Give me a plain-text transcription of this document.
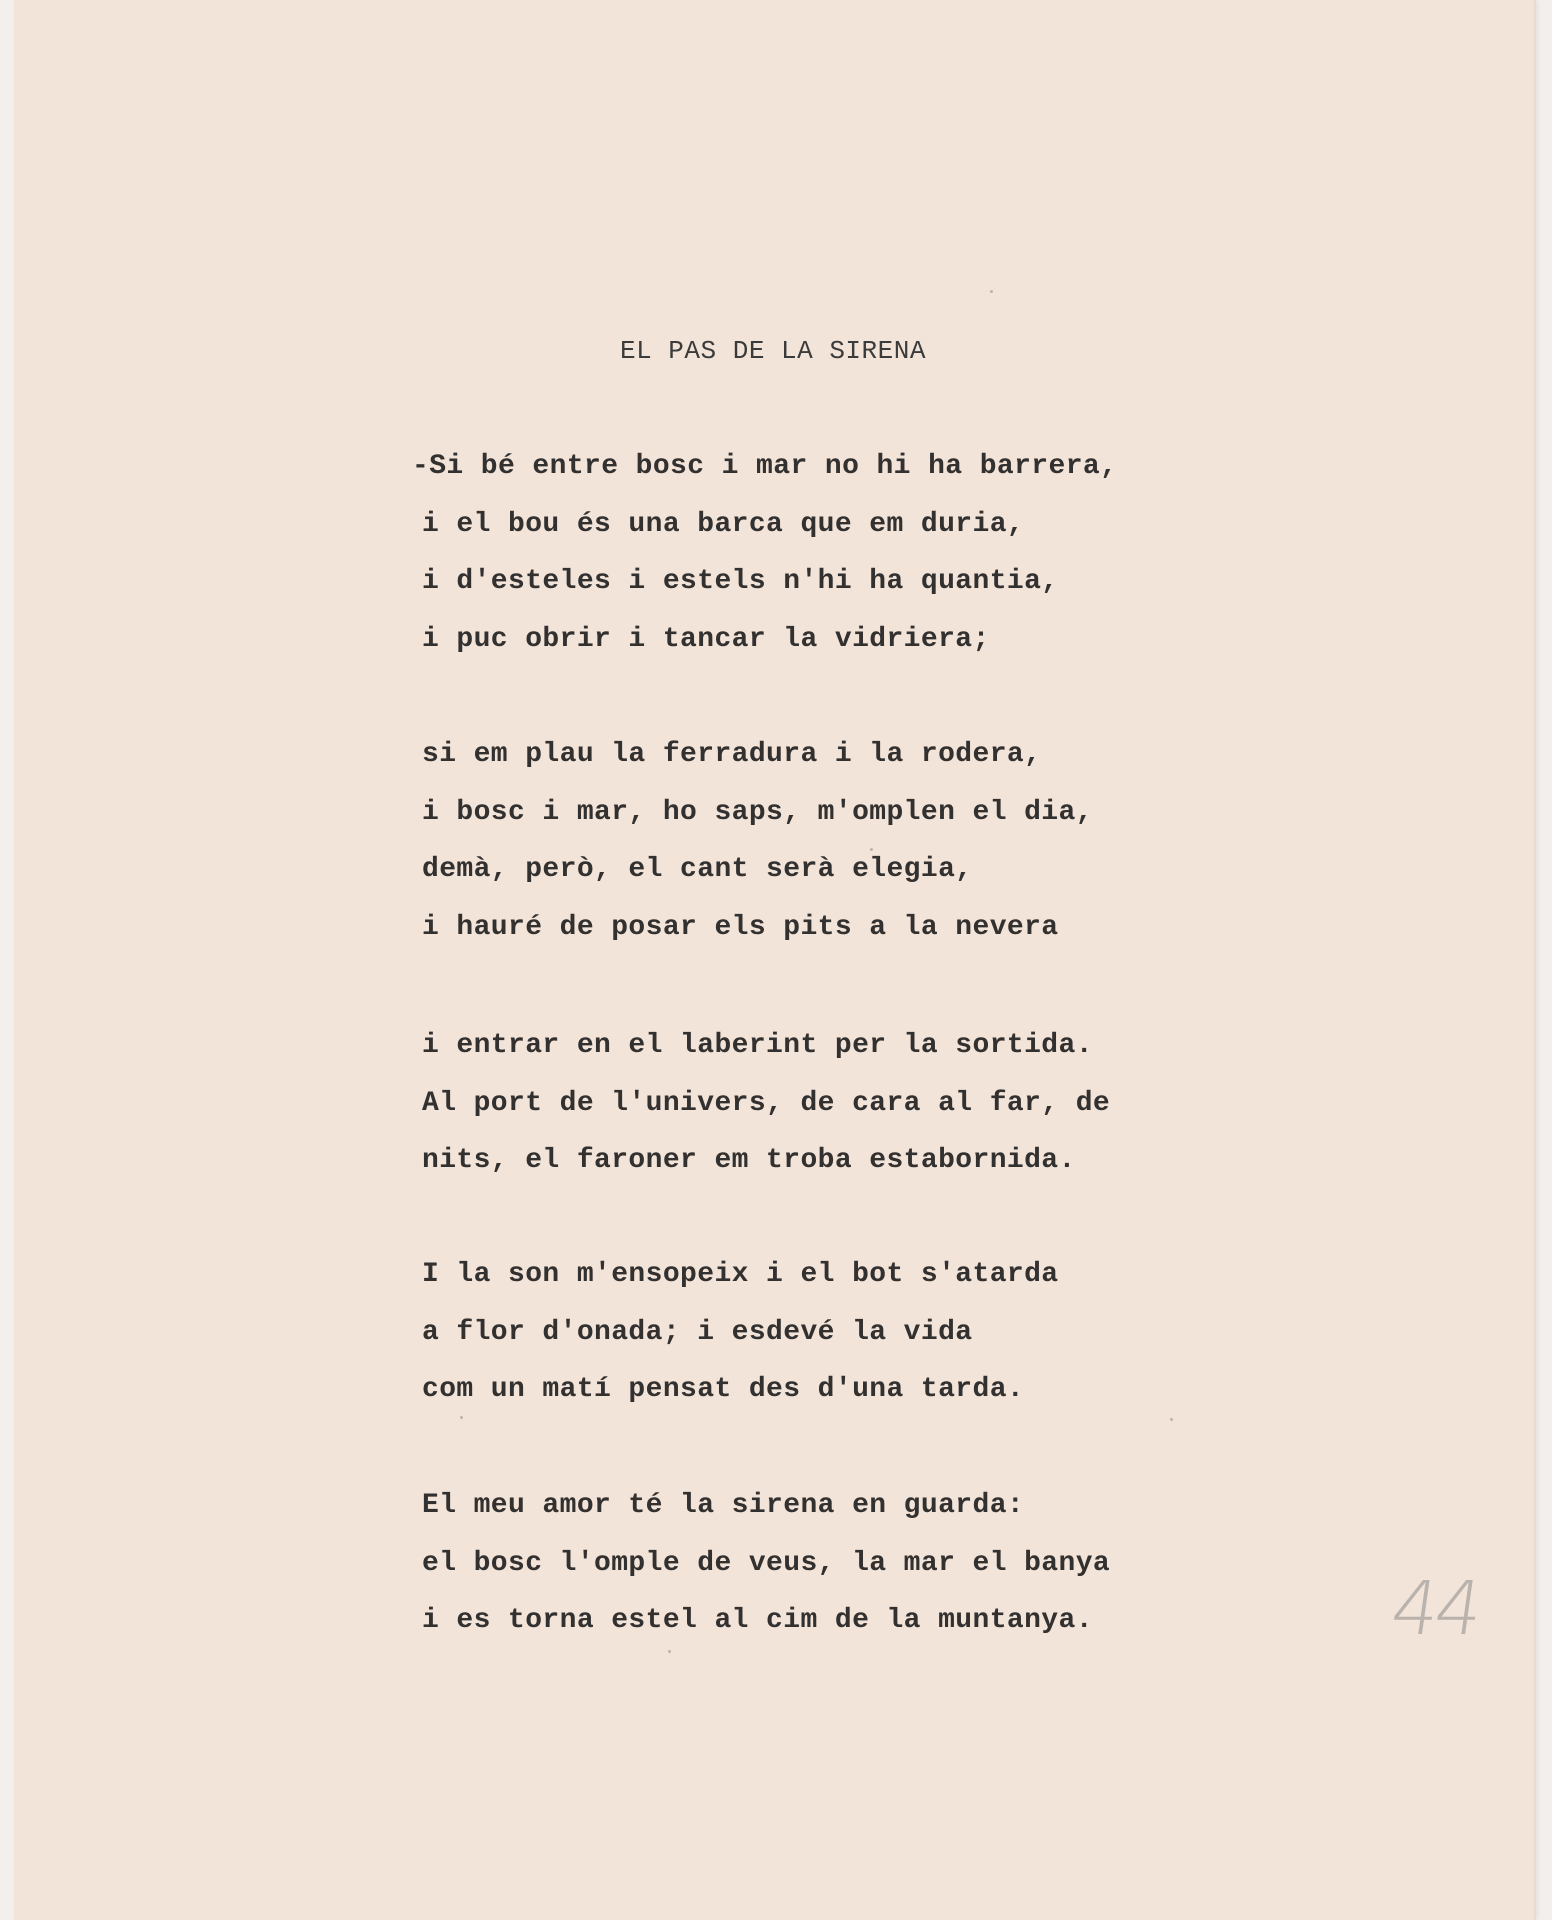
EL PAS DE LA SIRENA
-Si bé entre bosc i mar no hi ha barrera,
i el bou és una barca que em duria,
i d'esteles i estels n'hi ha quantia,
i puc obrir i tancar la vidriera;
si em plau la ferradura i la rodera,
i bosc i mar, ho saps, m'omplen el dia,
demà, però, el cant serà elegia,
i hauré de posar els pits a la nevera
i entrar en el laberint per la sortida.
Al port de l'univers, de cara al far, de
nits, el faroner em troba estabornida.
I la son m'ensopeix i el bot s'atarda
a flor d'onada; i esdevé la vida
com un matí pensat des d'una tarda.
El meu amor té la sirena en guarda:
el bosc l'omple de veus, la mar el banya
i es torna estel al cim de la muntanya.	44
